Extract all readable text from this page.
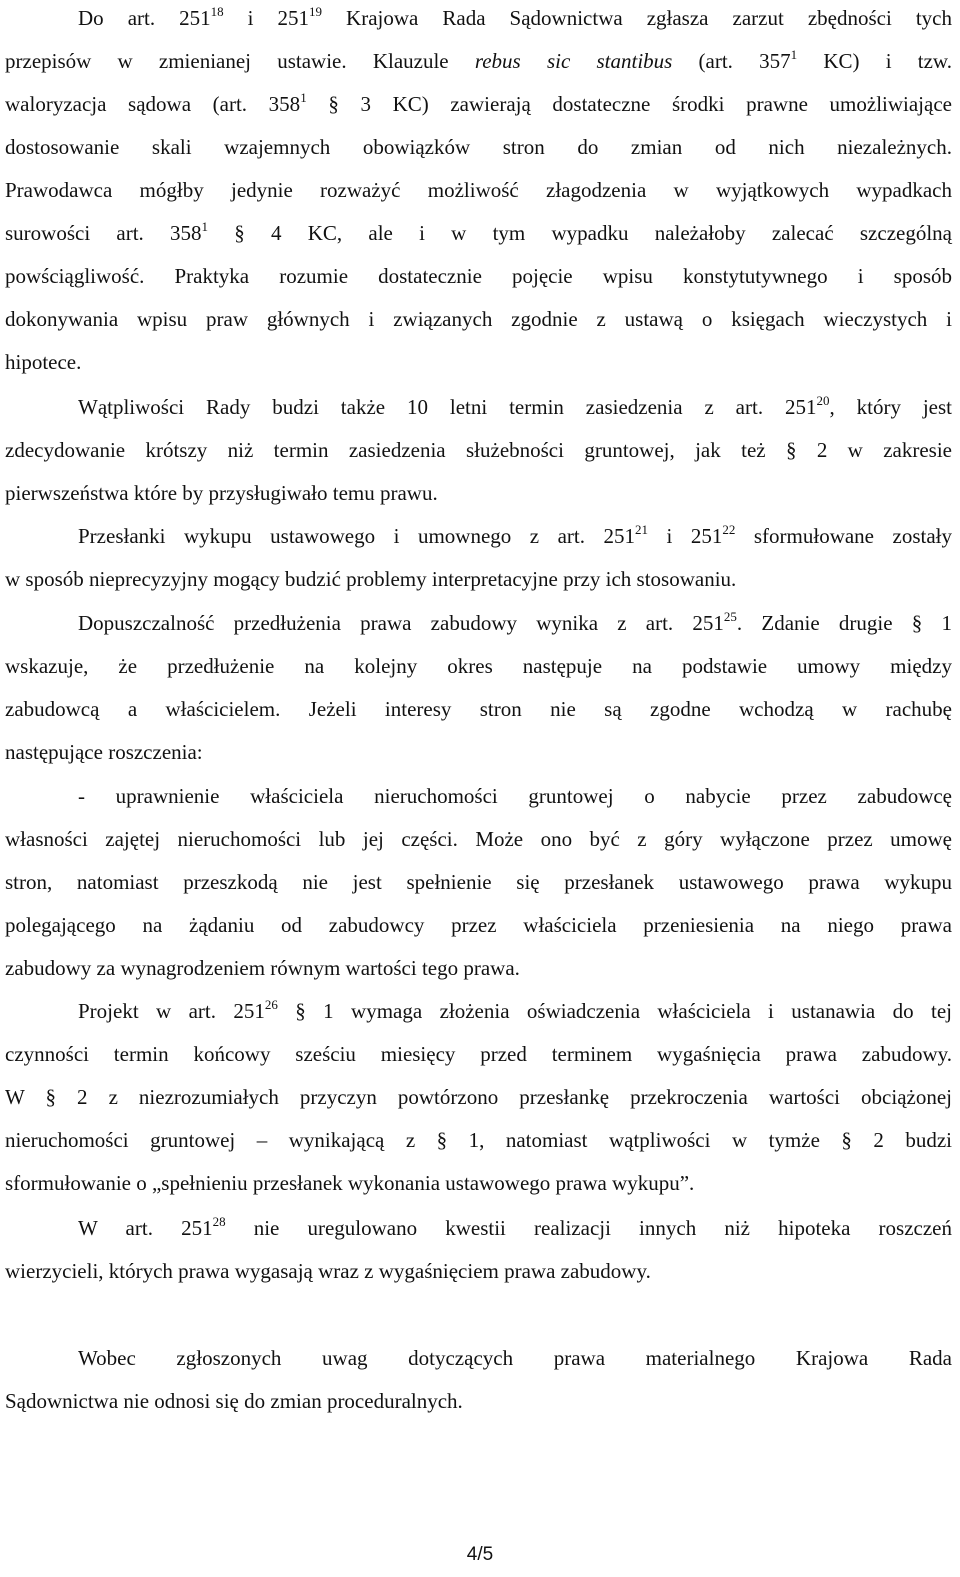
Do art. $251^{18}$ i $251^{19}$ Krajowa Rada Sądownictwa zgłasza zarzut zbędności tych
przepisów w zmienianej ustawie. Klauzule rebus sic stantibus (art. $357^1$ KC) i tzw.
waloryzacja sądowa (art. $358^1$ § 3 KC) zawierają dostateczne środki prawne umożliwiające
dostosowanie skali wzajemnych obowiązków stron do zmian od nich niezależnych.
Prawodawca mógłby jedynie rozważyć możliwość złagodzenia w wyjątkowych wypadkach
surowości art. $358^1$ § 4 KC, ale i w tym wypadku należałoby zalecać szczególną
powściągliwość. Praktyka rozumie dostatecznie pojęcie wpisu konstytutywnego i sposób
dokonywania wpisu praw głównych i związanych zgodnie z ustawą o księgach wieczystych i
hipotece.
Wątpliwości Rady budzi także 10 letni termin zasiedzenia z art. $251^{20}$, który jest
zdecydowanie krótszy niż termin zasiedzenia służebności gruntowej, jak też § 2 w zakresie
pierwszeństwa które by przysługiwało temu prawu.
Przesłanki wykupu ustawowego i umownego z art. $251^{21}$ i $251^{22}$ sformułowane zostały
w sposób nieprecyzyjny mogący budzić problemy interpretacyjne przy ich stosowaniu.
Dopuszczalność przedłużenia prawa zabudowy wynika z art. $251^{25}$. Zdanie drugie § 1
wskazuje, że przedłużenie na kolejny okres następuje na podstawie umowy między
zabudowcą a właścicielem. Jeżeli interesy stron nie są zgodne wchodzą w rachubę
następujące roszczenia:
- uprawnienie właściciela nieruchomości gruntowej o nabycie przez zabudowcę
własności zajętej nieruchomości lub jej części. Może ono być z góry wyłączone przez umowę
stron, natomiast przeszkodą nie jest spełnienie się przesłanek ustawowego prawa wykupu
polegającego na żądaniu od zabudowcy przez właściciela przeniesienia na niego prawa
zabudowy za wynagrodzeniem równym wartości tego prawa.
Projekt w art. $251^{26}$ § 1 wymaga złożenia oświadczenia właściciela i ustanawia do tej
czynności termin końcowy sześciu miesięcy przed terminem wygaśnięcia prawa zabudowy.
W § 2 z niezrozumiałych przyczyn powtórzono przesłankę przekroczenia wartości obciążonej
nieruchomości gruntowej – wynikającą z § 1, natomiast wątpliwości w tymże § 2 budzi
sformułowanie o „spełnieniu przesłanek wykonania ustawowego prawa wykupu”.
W art. $251^{28}$ nie uregulowano kwestii realizacji innych niż hipoteka roszczeń
wierzycieli, których prawa wygasają wraz z wygaśnięciem prawa zabudowy.
Wobec zgłoszonych uwag dotyczących prawa materialnego Krajowa Rada
Sądownictwa nie odnosi się do zmian proceduralnych.
4/5
